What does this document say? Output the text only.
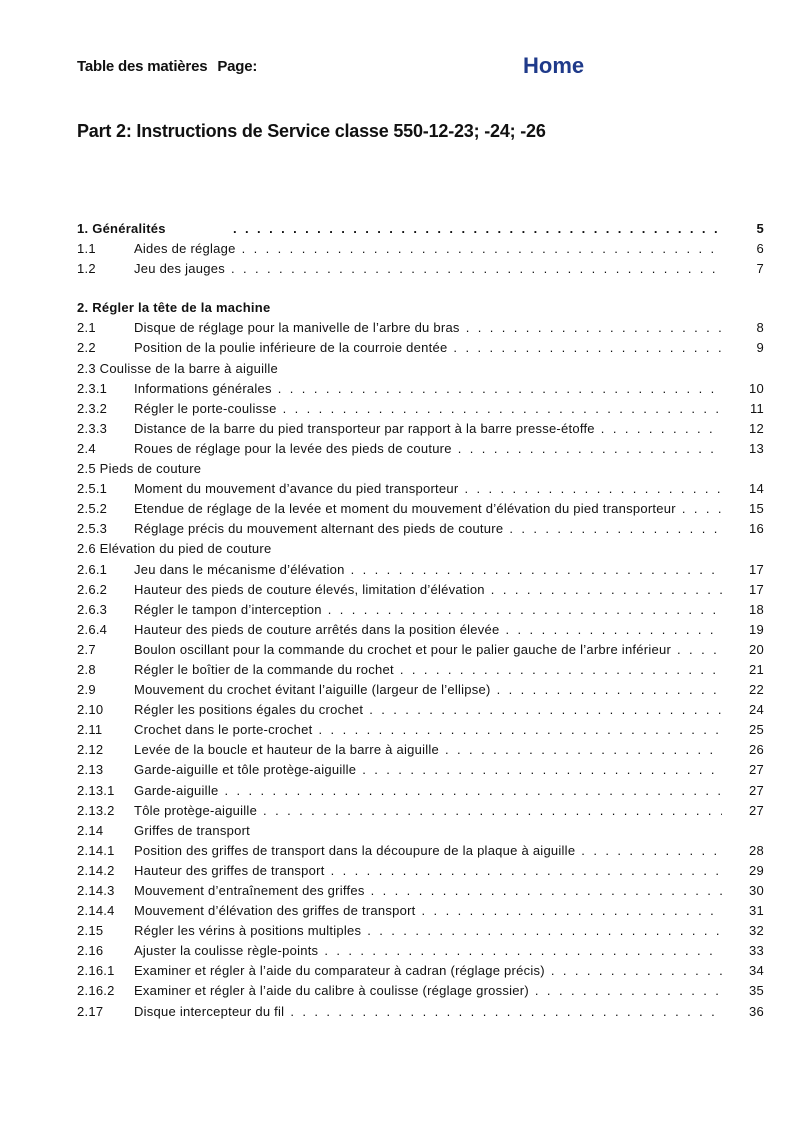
Table des matières Page:	Home
Part 2: Instructions de Service classe 550-12-23; -24; -26
1. Généralités . . .	5
1.1	Aides de réglage . . .	6
1.2	Jeu des jauges . . .	7
2. Régler la tête de la machine
2.1	Disque de réglage pour la manivelle de l’arbre du bras . . .	8
2.2	Position de la poulie inférieure de la courroie dentée . . .	9
2.3 Coulisse de la barre à aiguille
2.3.1 Informations générales . . .	10
2.3.2 Régler le porte-coulisse . . .	11
2.3.3 Distance de la barre du pied transporteur par rapport à la barre presse-étoffe . . .	12
2.4	Roues de réglage pour la levée des pieds de couture . . .	13
2.5 Pieds de couture
2.5.1 Moment du mouvement d’avance du pied transporteur . . .	14
2.5.2 Etendue de réglage de la levée et moment du mouvement d’élévation du pied transporteur . . .	15
2.5.3 Réglage précis du mouvement alternant des pieds de couture . . .	16
2.6 Elévation du pied de couture
2.6.1 Jeu dans le mécanisme d’élévation . . .	17
2.6.2 Hauteur des pieds de couture élevés, limitation d’élévation . . .	17
2.6.3 Régler le tampon d’interception . . .	18
2.6.4 Hauteur des pieds de couture arrêtés dans la position élevée . . .	19
2.7	Boulon oscillant pour la commande du crochet et pour le palier gauche de l’arbre inférieur . . .	20
2.8	Régler le boîtier de la commande du rochet . . .	21
2.9	Mouvement du crochet évitant l’aiguille (largeur de l’ellipse) . . .	22
2.10 Régler les positions égales du crochet . . .	24
2.11 Crochet dans le porte-crochet . . .	25
2.12 Levée de la boucle et hauteur de la barre à aiguille . . .	26
2.13 Garde-aiguille et tôle protège-aiguille . . .	27
2.13.1 Garde-aiguille . . .	27
2.13.2 Tôle protège-aiguille . . .	27
2.14 Griffes de transport
2.14.1 Position des griffes de transport dans la découpure de la plaque à aiguille . . .	28
2.14.2 Hauteur des griffes de transport . . .	29
2.14.3 Mouvement d’entraînement des griffes . . .	30
2.14.4 Mouvement d’élévation des griffes de transport . . .	31
2.15 Régler les vérins à positions multiples . . .	32
2.16 Ajuster la coulisse règle-points . . .	33
2.16.1 Examiner et régler à l’aide du comparateur à cadran (réglage précis) . . .	34
2.16.2 Examiner et régler à l’aide du calibre à coulisse (réglage grossier) . . .	35
2.17 Disque intercepteur du fil . . .	36
